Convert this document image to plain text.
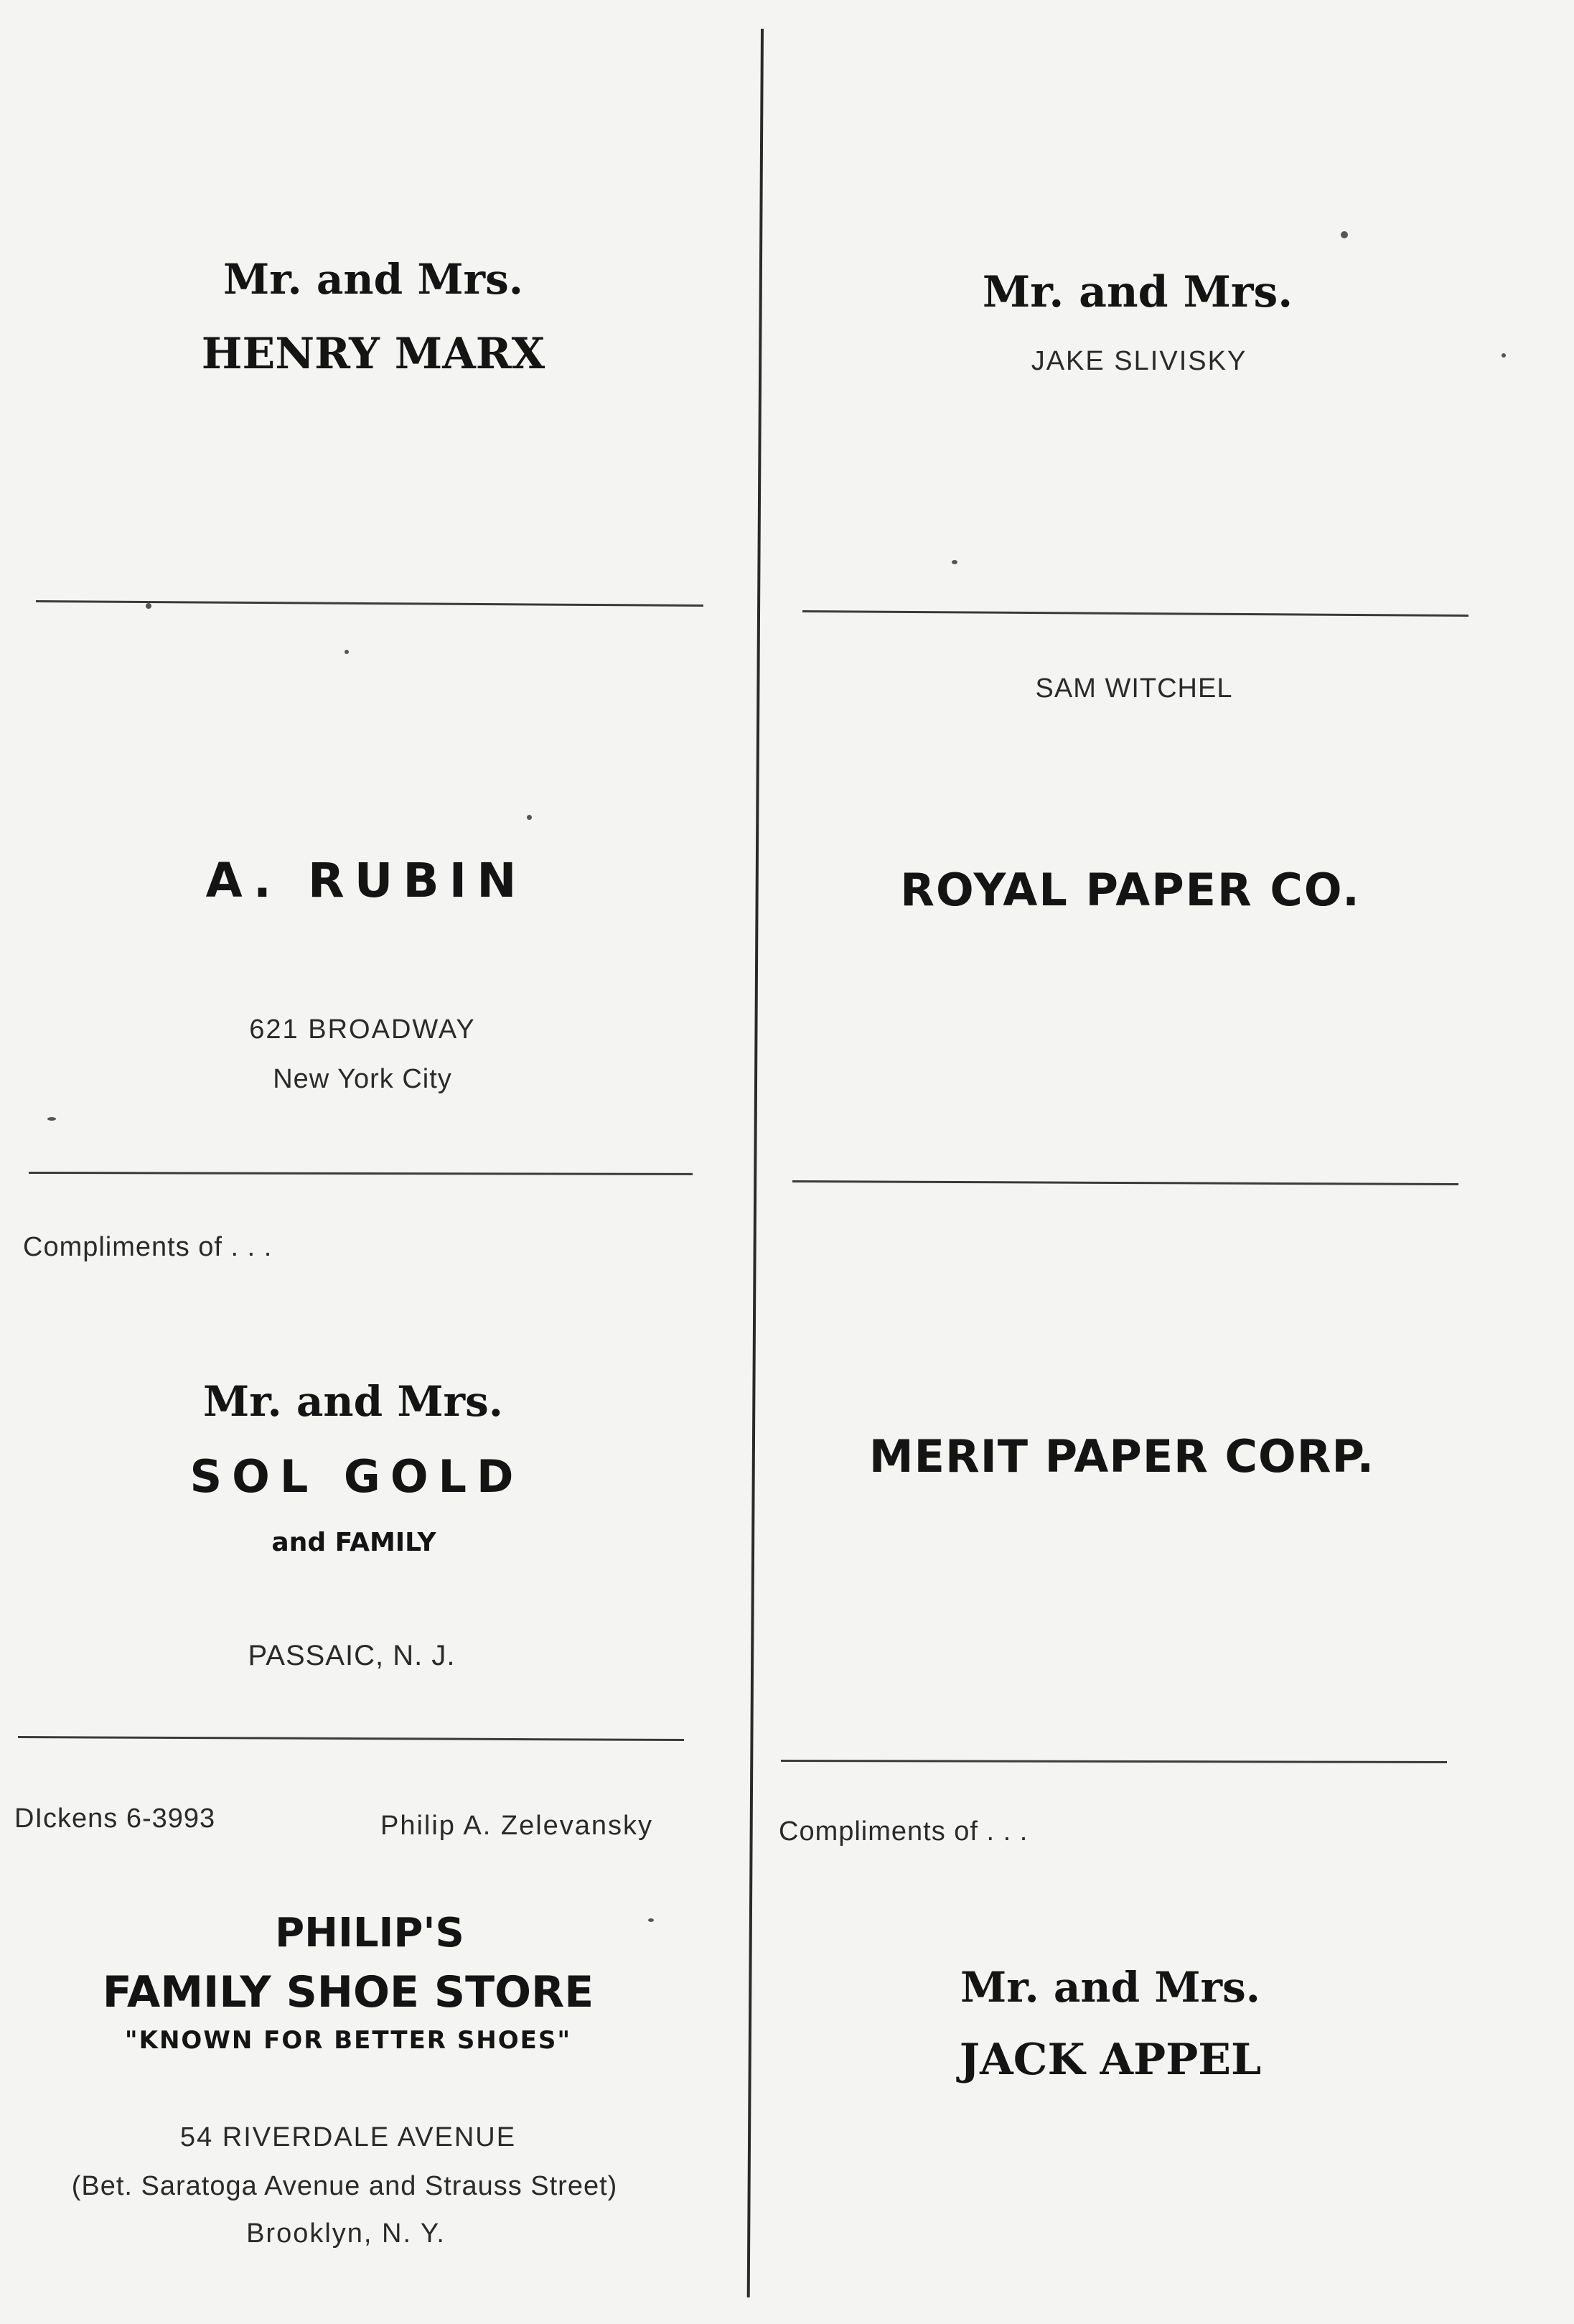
Mr. and Mrs.
HENRY MARX
A. RUBIN
621 BROADWAY
New York City
Compliments of . . .
Mr. and Mrs.
SOL GOLD
and FAMILY
PASSAIC, N. J.
DIckens 6-3993	Philip A. Zelevansky
PHILIP'S
FAMILY SHOE STORE
"KNOWN FOR BETTER SHOES"
54 RIVERDALE AVENUE
(Bet. Saratoga Avenue and Strauss Street)
Brooklyn, N. Y.
Mr. and Mrs.
JAKE SLIVISKY
SAM WITCHEL
ROYAL PAPER CO.
MERIT PAPER CORP.
Compliments of . . .
Mr. and Mrs.
JACK APPEL
